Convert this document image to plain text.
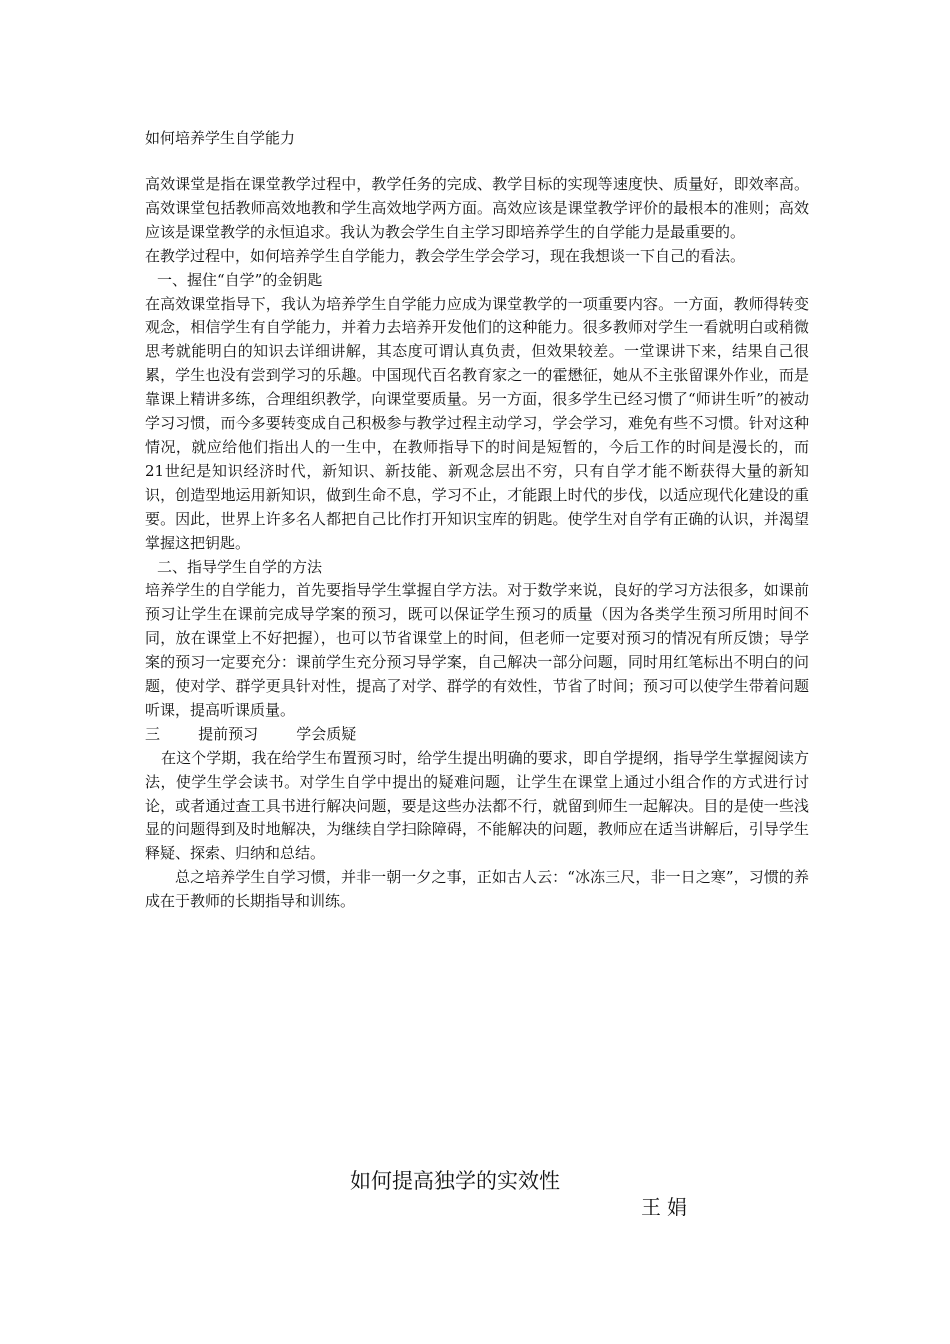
如何培养学生自学能力

高效课堂是指在课堂教学过程中，教学任务的完成、教学目标的实现等速度快、质量好，即效率高。高效课堂包括教师高效地教和学生高效地学两方面。高效应该是课堂教学评价的最根本的准则；高效应该是课堂教学的永恒追求。我认为教会学生自主学习即培养学生的自学能力是最重要的。

在教学过程中，如何培养学生自学能力，教会学生学会学习，现在我想谈一下自己的看法。

一、握住“自学”的金钥匙

在高效课堂指导下，我认为培养学生自学能力应成为课堂教学的一项重要内容。一方面，教师得转变观念，相信学生有自学能力，并着力去培养开发他们的这种能力。很多教师对学生一看就明白或稍微思考就能明白的知识去详细讲解，其态度可谓认真负责，但效果较差。一堂课讲下来，结果自己很累，学生也没有尝到学习的乐趣。中国现代百名教育家之一的霍懋征，她从不主张留课外作业，而是靠课上精讲多练，合理组织教学，向课堂要质量。另一方面，很多学生已经习惯了“师讲生听”的被动学习习惯，而今多要转变成自己积极参与教学过程主动学习，学会学习，难免有些不习惯。针对这种情况，就应给他们指出人的一生中，在教师指导下的时间是短暂的，今后工作的时间是漫长的，而21世纪是知识经济时代，新知识、新技能、新观念层出不穷，只有自学才能不断获得大量的新知识，创造型地运用新知识，做到生命不息，学习不止，才能跟上时代的步伐，以适应现代化建设的重要。因此，世界上许多名人都把自己比作打开知识宝库的钥匙。使学生对自学有正确的认识，并渴望掌握这把钥匙。

二、指导学生自学的方法

培养学生的自学能力，首先要指导学生掌握自学方法。对于数学来说，良好的学习方法很多，如课前预习让学生在课前完成导学案的预习，既可以保证学生预习的质量（因为各类学生预习所用时间不同，放在课堂上不好把握），也可以节省课堂上的时间，但老师一定要对预习的情况有所反馈；导学案的预习一定要充分：课前学生充分预习导学案，自己解决一部分问题，同时用红笔标出不明白的问题，使对学、群学更具针对性，提高了对学、群学的有效性，节省了时间；预习可以使学生带着问题听课，提高听课质量。

三        提前预习        学会质疑

在这个学期，我在给学生布置预习时，给学生提出明确的要求，即自学提纲，指导学生掌握阅读方法，使学生学会读书。对学生自学中提出的疑难问题，让学生在课堂上通过小组合作的方式进行讨论，或者通过查工具书进行解决问题，要是这些办法都不行，就留到师生一起解决。目的是使一些浅显的问题得到及时地解决，为继续自学扫除障碍，不能解决的问题，教师应在适当讲解后，引导学生释疑、探索、归纳和总结。

总之培养学生自学习惯，并非一朝一夕之事，正如古人云：“冰冻三尺，非一日之寒”，习惯的养成在于教师的长期指导和训练。

如何提高独学的实效性
王娟
